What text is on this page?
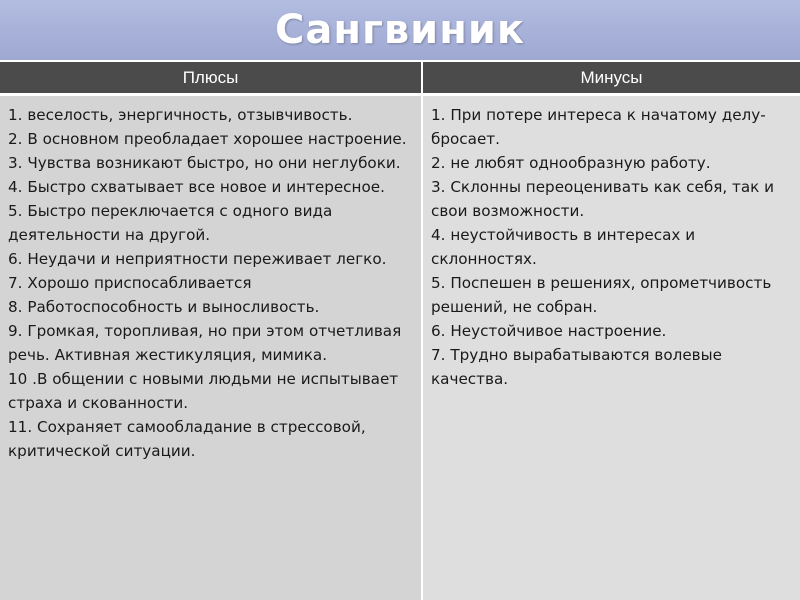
Сангвиник
Плюсы	Минусы

1. веселость, энергичность, отзывчивость.

2. В основном преобладает хорошее настроение.

3. Чувства возникают быстро, но они неглубоки.

4. Быстро схватывает все новое и интересное.

5. Быстро переключается с одного вида деятельности на другой.

6. Неудачи и неприятности переживает легко.

7. Хорошо приспосабливается

8. Работоспособность и выносливость.

9. Громкая, торопливая, но при этом отчетливая речь. Активная жестикуляция, мимика.

10 .В общении с новыми людьми не испытывает страха и скованности.

11. Сохраняет самообладание в стрессовой, критической ситуации.

1. При потере интереса к начатому делу- бросает.

2. не любят однообразную работу.

3. Склонны переоценивать как себя, так и свои возможности.

4. неустойчивость в интересах и склонностях.

5. Поспешен в решениях, опрометчивость решений, не собран.

6. Неустойчивое настроение.

7. Трудно вырабатываются волевые качества.
